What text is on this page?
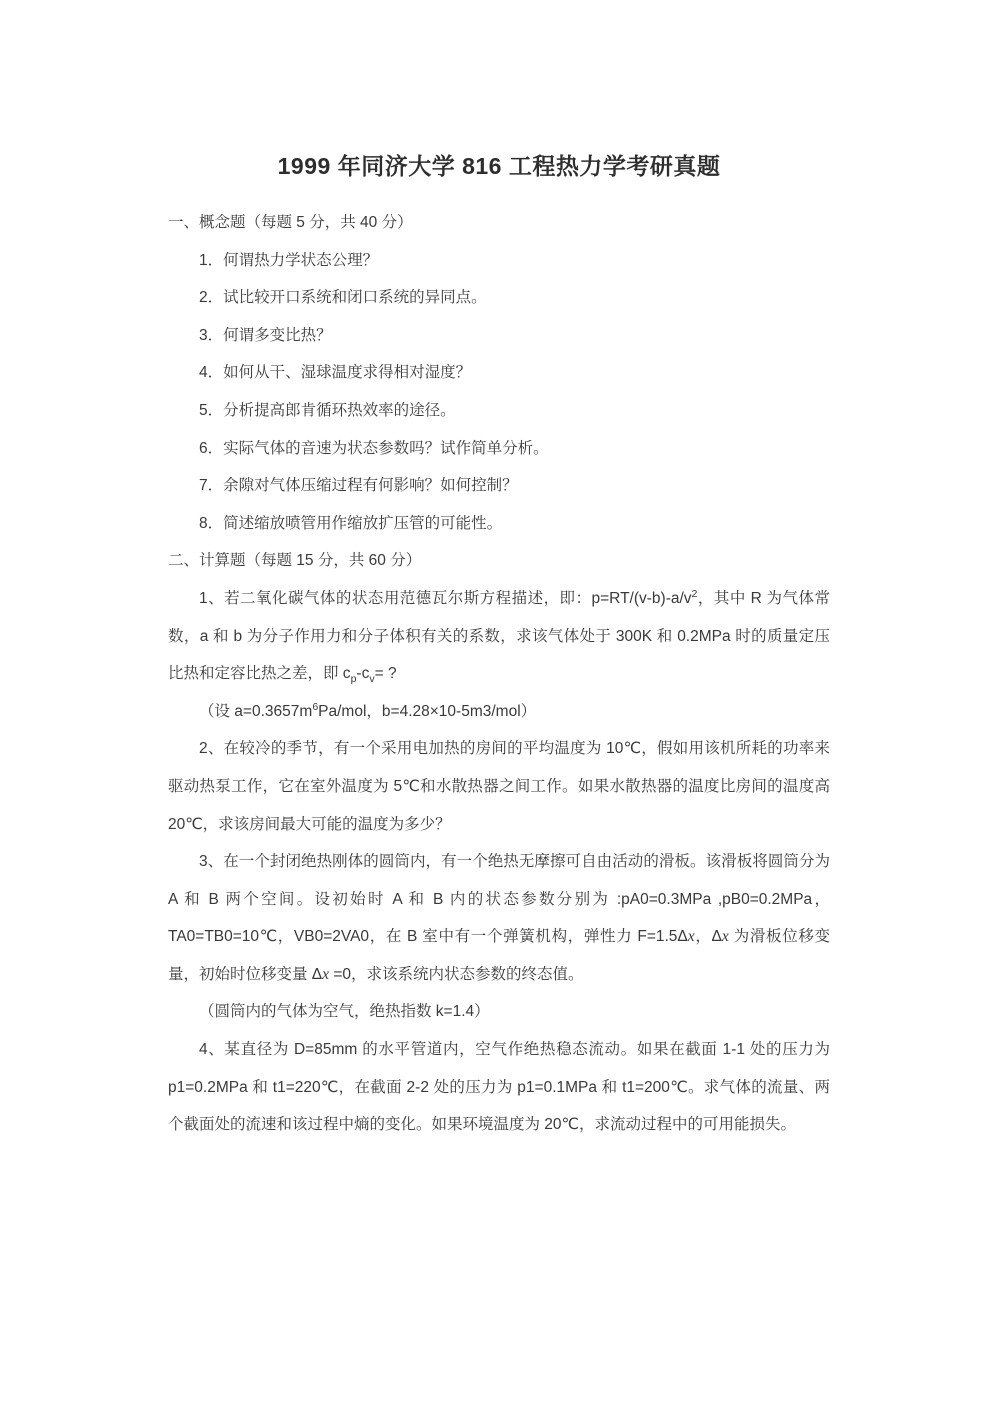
1999 年同济大学 816 工程热力学考研真题

一、概念题（每题 5 分，共 40 分）

1．何谓热力学状态公理？

2．试比较开口系统和闭口系统的异同点。

3．何谓多变比热？

4．如何从干、湿球温度求得相对湿度？

5．分析提高郎肯循环热效率的途径。

6．实际气体的音速为状态参数吗？试作简单分析。

7．余隙对气体压缩过程有何影响？如何控制？

8．简述缩放喷管用作缩放扩压管的可能性。

二、计算题（每题 15 分，共 60 分）

1、若二氧化碳气体的状态用范德瓦尔斯方程描述，即：$p=RT/(v-b)-a/v^2$，其中 R 为气体常数，a 和 b 为分子作用力和分子体积有关的系数，求该气体处于 300K 和 0.2MPa 时的质量定压比热和定容比热之差，即 $c_p-c_v=$ ?

（设 $a=0.3657m^6Pa$/mol，b=4.28×10-5m3/mol）

2、在较冷的季节，有一个采用电加热的房间的平均温度为 10℃，假如用该机所耗的功率来驱动热泵工作，它在室外温度为 5℃和水散热器之间工作。如果水散热器的温度比房间的温度高 20℃，求该房间最大可能的温度为多少？

3、在一个封闭绝热刚体的圆筒内，有一个绝热无摩擦可自由活动的滑板。该滑板将圆筒分为 A 和 B 两个空间。设初始时 A 和 B 内的状态参数分别为 :pA0=0.3MPa ,pB0=0.2MPa，TA0=TB0=10℃，VB0=2VA0，在 B 室中有一个弹簧机构，弹性力 F=1.5Δx，Δx 为滑板位移变量，初始时位移变量 Δx =0，求该系统内状态参数的终态值。

（圆筒内的气体为空气，绝热指数 k=1.4）

4、某直径为 D=85mm 的水平管道内，空气作绝热稳态流动。如果在截面 1-1 处的压力为 p1=0.2MPa 和 t1=220℃，在截面 2-2 处的压力为 p1=0.1MPa 和 t1=200℃。求气体的流量、两个截面处的流速和该过程中熵的变化。如果环境温度为 20℃，求流动过程中的可用能损失。
